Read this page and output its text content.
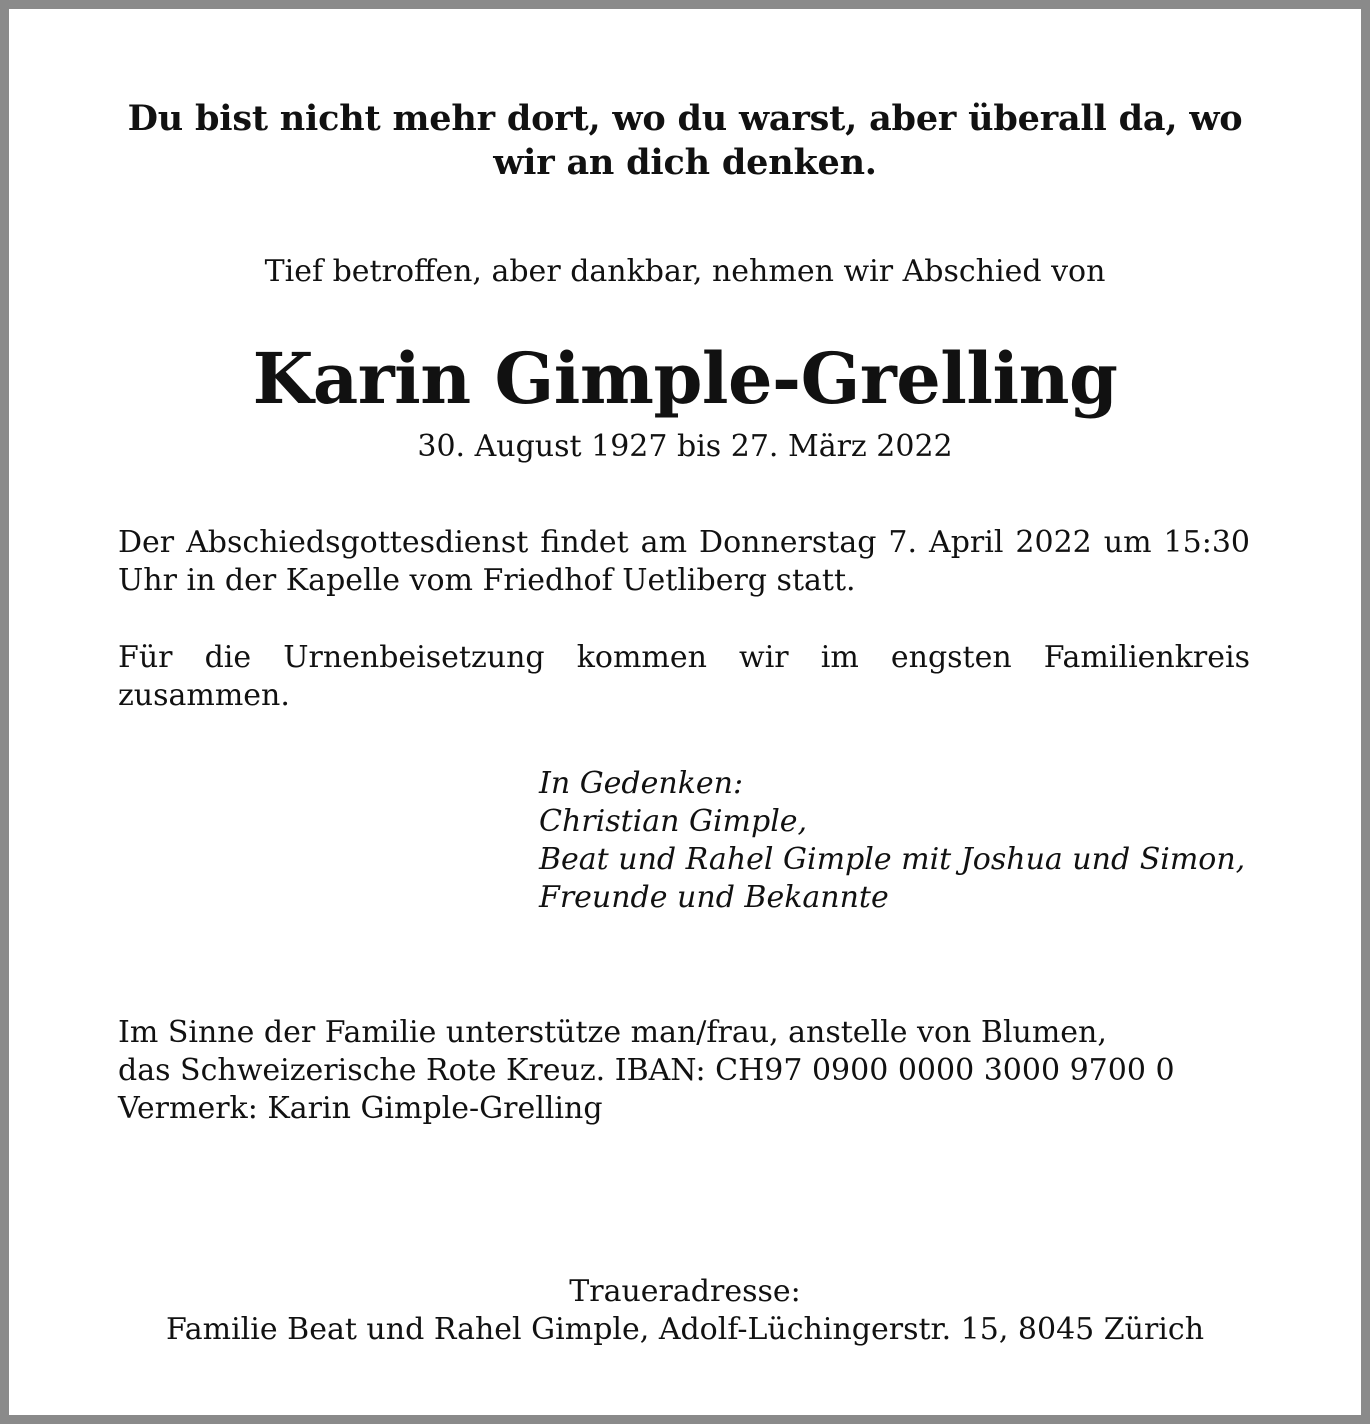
Du bist nicht mehr dort, wo du warst, aber überall da, wo wir an dich denken.
Tief betroffen, aber dankbar, nehmen wir Abschied von
Karin Gimple-Grelling
30. August 1927 bis 27. März 2022
Der Abschiedsgottesdienst findet am Donnerstag 7. April 2022 um 15:30 Uhr in der Kapelle vom Friedhof Uetliberg statt.
Für die Urnenbeisetzung kommen wir im engsten Familienkreis zusammen.
In Gedenken:
Christian Gimple,
Beat und Rahel Gimple mit Joshua und Simon,
Freunde und Bekannte
Im Sinne der Familie unterstütze man/frau, anstelle von Blumen,
das Schweizerische Rote Kreuz. IBAN: CH97 0900 0000 3000 9700 0
Vermerk: Karin Gimple-Grelling
Traueradresse:
Familie Beat und Rahel Gimple, Adolf-Lüchingerstr. 15, 8045 Zürich
